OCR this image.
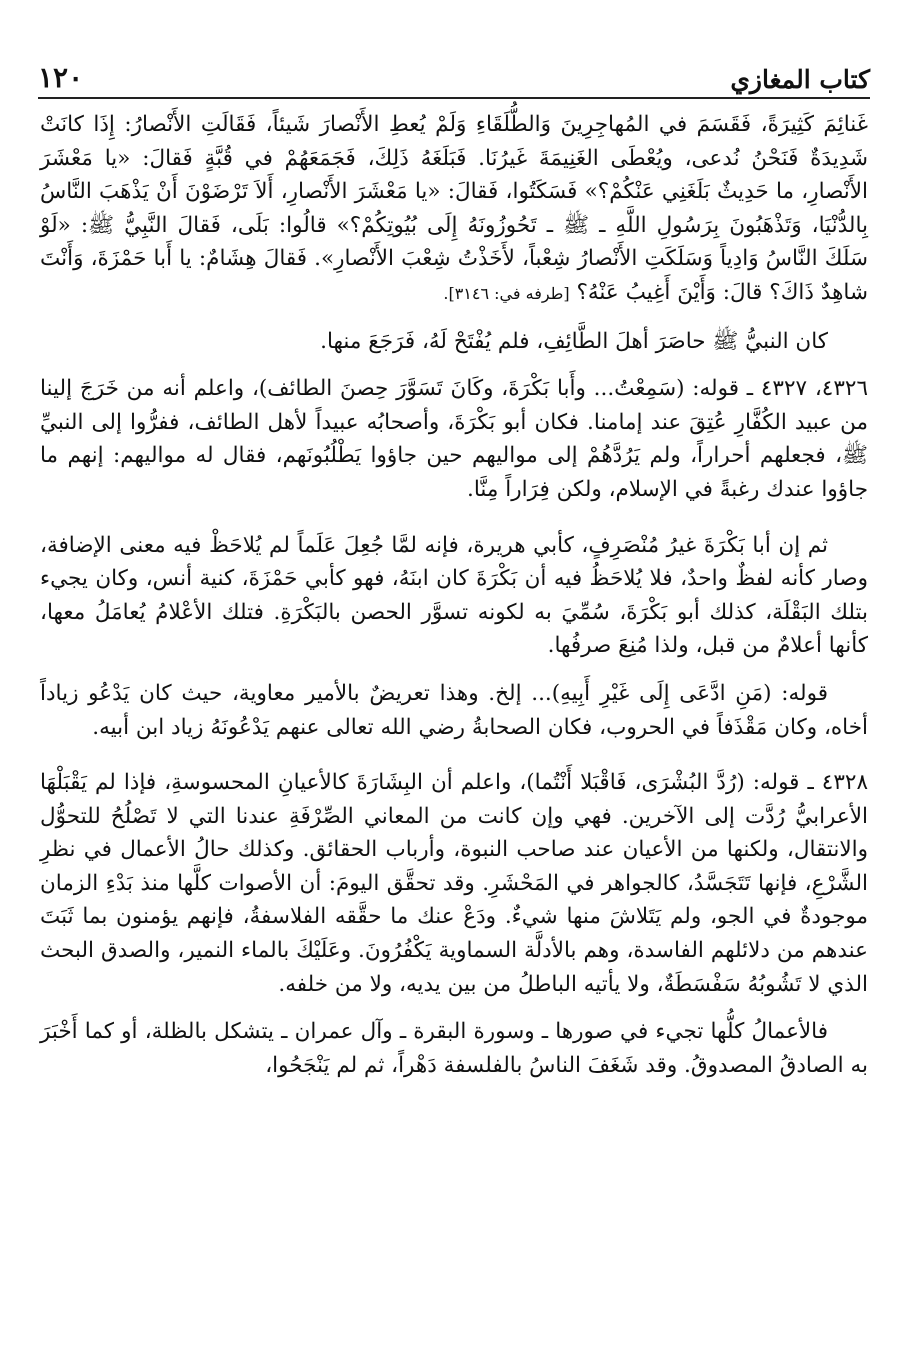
كتاب المغازي
١٢٠

غَنائِمَ كَثِيرَةً، فَقَسَمَ في المُهاجِرِينَ وَالطُّلَقَاءِ وَلَمْ يُعطِ الأَنْصارَ شَيئاً، فَقَالَتِ الأَنْصارُ: إِذَا كانَتْ شَدِيدَةٌ فَنَحْنُ نُدعى، ويُعْطَى الغَنِيمَةَ غَيرُنَا. فَبَلَغَهُ ذَلِكَ، فَجَمَعَهُمْ في قُبَّةٍ فَقالَ: «يا مَعْشَرَ الأَنْصارِ، ما حَدِيثٌ بَلَغَنِي عَنْكُمْ؟» فَسَكَتُوا، فَقالَ: «يا مَعْشَرَ الأَنْصارِ، أَلاَ تَرْضَوْنَ أَنْ يَذْهَبَ النَّاسُ بِالدُّنْيَا، وَتَذْهَبُونَ بِرَسُولِ اللَّهِ ـ ﷺ ـ تَحُوزُونَهُ إِلَى بُيُوتِكُمْ؟» قالُوا: بَلَى، فَقالَ النَّبِيُّ ﷺ: «لَوْ سَلَكَ النَّاسُ وَادِياً وَسَلَكَتِ الأَنْصارُ شِعْباً، لأَخَذْتُ شِعْبَ الأَنْصارِ». فَقالَ هِشَامٌ: يا أَبا حَمْزَةَ، وَأَنْتَ شاهِدٌ ذَاكَ؟ قالَ: وَأَيْنَ أَغِيبُ عَنْهُ؟ [طرفه في: ٣١٤٦].

كان النبيُّ ﷺ حاصَرَ أهلَ الطَّائِفِ، فلم يُفْتَحْ لَهُ، فَرَجَعَ منها.

٤٣٢٦، ٤٣٢٧ ـ قوله: (سَمِعْتُ... وأَبا بَكْرَةَ، وكَانَ تَسَوَّرَ حِصنَ الطائف)، واعلم أنه من خَرَجَ إلينا من عبيد الكُفَّارِ عُتِقَ عند إمامنا. فكان أبو بَكْرَةَ، وأصحابُه عبيداً لأهل الطائف، ففرُّوا إلى النبيِّ ﷺ، فجعلهم أحراراً، ولم يَرُدَّهُمْ إلى مواليهم حين جاؤوا يَطْلُبُونَهم، فقال له مواليهم: إنهم ما جاؤوا عندك رغبةً في الإسلام، ولكن فِرَاراً مِنَّا.

ثم إن أبا بَكْرَةَ غيرُ مُنْصَرِفٍ، كأبي هريرة، فإنه لمَّا جُعِلَ عَلَماً لم يُلاحَظْ فيه معنى الإضافة، وصار كأنه لفظٌ واحدٌ، فلا يُلاحَظُ فيه أن بَكْرَةَ كان ابنَهُ، فهو كأبي حَمْزَةَ، كنية أنس، وكان يجيء بتلك البَقْلَة، كذلك أبو بَكْرَةَ، سُمِّيَ به لكونه تسوَّر الحصن بالبَكْرَةِ. فتلك الأعْلامُ يُعامَلُ معها، كأنها أعلامٌ من قبل، ولذا مُنِعَ صرفُها.

قوله: (مَنِ ادَّعَى إِلَى غَيْرِ أَبِيهِ)... إلخ. وهذا تعريضٌ بالأمير معاوية، حيث كان يَدْعُو زياداً أخاه، وكان مَقْذَفاً في الحروب، فكان الصحابةُ رضي الله تعالى عنهم يَدْعُونَهُ زياد ابن أبيه.

٤٣٢٨ ـ قوله: (رُدَّ البُشْرَى، فَاقْبَلا أَنْتُما)، واعلم أن البِشَارَةَ كالأعيانِ المحسوسةِ، فإذا لم يَقْبَلْهَا الأعرابيُّ رُدَّت إلى الآخرين. فهي وإن كانت من المعاني الصِّرْفَةِ عندنا التي لا تَصْلُحُ للتحوُّل والانتقال، ولكنها من الأعيان عند صاحب النبوة، وأرباب الحقائق. وكذلك حالُ الأعمال في نظرِ الشَّرْعِ، فإنها تَتَجَسَّدُ، كالجواهر في المَحْشَرِ. وقد تحقَّق اليومَ: أن الأصوات كلَّها منذ بَدْءِ الزمان موجودةٌ في الجو، ولم يَتَلاشَ منها شيءٌ. ودَعْ عنك ما حقَّقه الفلاسفةُ، فإنهم يؤمنون بما ثَبَتَ عندهم من دلائلهم الفاسدة، وهم بالأدلَّة السماوية يَكْفُرُونَ. وعَلَيْكَ بالماء النمير، والصدق البحث الذي لا تَشُوبُهُ سَفْسَطَةٌ، ولا يأتيه الباطلُ من بين يديه، ولا من خلفه.

فالأعمالُ كلُّها تجيء في صورها ـ وسورة البقرة ـ وآل عمران ـ يتشكل بالظلة، أو كما أَخْبَرَ به الصادقُ المصدوقُ. وقد شَغَفَ الناسُ بالفلسفة دَهْراً، ثم لم يَنْجَحُوا،
